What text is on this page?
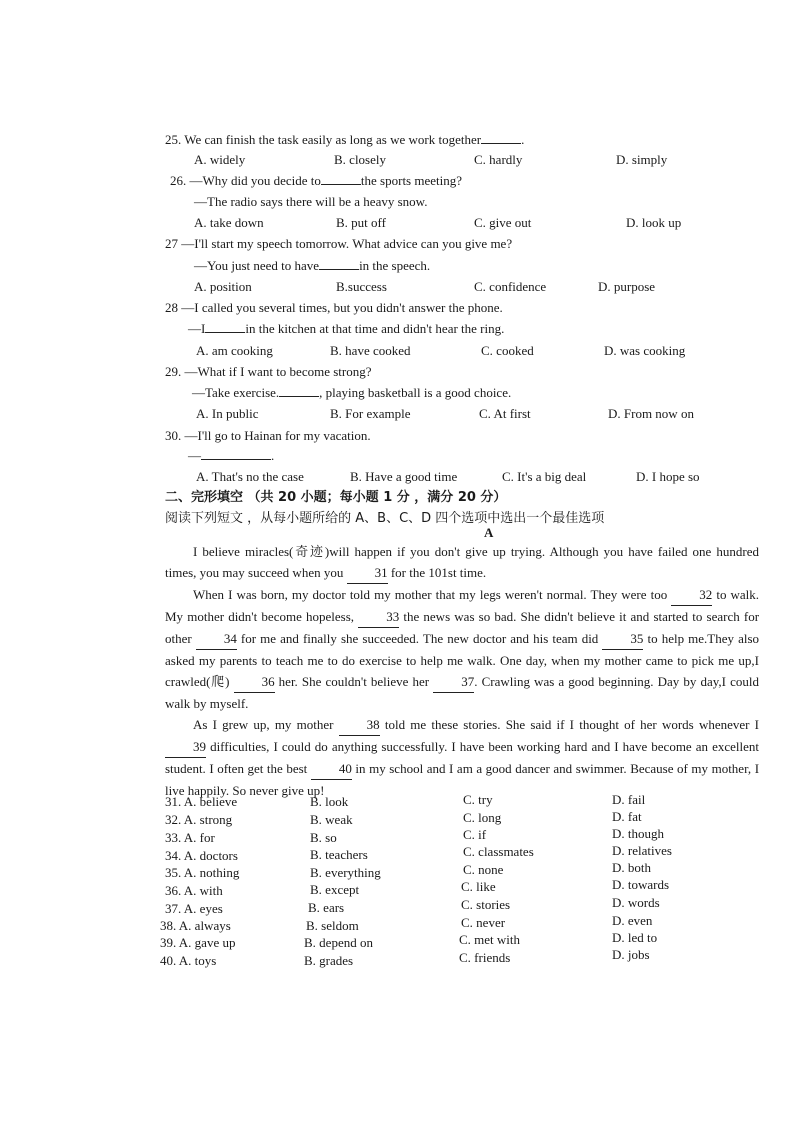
25. We can finish the task easily as long as we work together	.
A. widely	B. closely	C. hardly	D. simply
26. —Why did you decide to	the sports meeting?
—The radio says there will be a heavy snow.
A. take down	B. put off	C. give out	D. look up
27 —I'll start my speech tomorrow. What advice can you give me?
—You just need to have	in the speech.
A. position	B.success	C. confidence	D. purpose
28 —I called you several times, but you didn't answer the phone.
—I	in the kitchen at that time and didn't hear the ring.
A. am cooking	B. have cooked	C. cooked	D. was cooking
29. —What if I want to become strong?
—Take exercise.	, playing basketball is a good choice.
A. In public	B. For example	C. At first	D. From now on
30. —I'll go to Hainan for my vacation.
—	.
A. That's no the case	B. Have a good time	C. It's a big deal	D. I hope so
二、完形填空 （共 20 小题；每小题 1 分 ，满分 20 分）
阅读下列短文 ，从每小题所给的 A、B、C、D 四个选项中选出一个最佳选项
A

I believe miracles(奇迹)will happen if you don't give up trying. Although you have failed one hundred times, you may succeed when you 31 for the 101st time.

When I was born, my doctor told my mother that my legs weren't normal. They were too 32 to walk. My mother didn't become hopeless, 33 the news was so bad. She didn't believe it and started to search for other 34 for me and finally she succeeded. The new doctor and his team did 35 to help me.They also asked my parents to teach me to do exercise to help me walk. One day, when my mother came to pick me up,I crawled(爬) 36 her. She couldn't believe her 37. Crawling was a good beginning. Day by day,I could walk by myself.

As I grew up, my mother	38 told me these stories. She said if I thought of her words whenever I 39 difficulties, I could do anything successfully. I have been working hard and I have become an excellent student. I often get the best 40 in my school and I am a good dancer and swimmer. Because of my mother, I live happily. So never give up!

31. A. believe	B. look	C. try	D. fail
32. A. strong	B. weak	C. long	D. fat
33. A. for	B. so	C. if	D. though
34. A. doctors	B. teachers	C. classmates	D. relatives
35. A. nothing	B. everything	C. none	D. both
36. A. with	B. except	C. like	D. towards
37. A. eyes	B. ears	C. stories	D. words
38. A. always	B. seldom	C. never	D. even
39. A. gave up	B. depend on	C. met with	D. led to
40. A. toys	B. grades	C. friends	D. jobs
